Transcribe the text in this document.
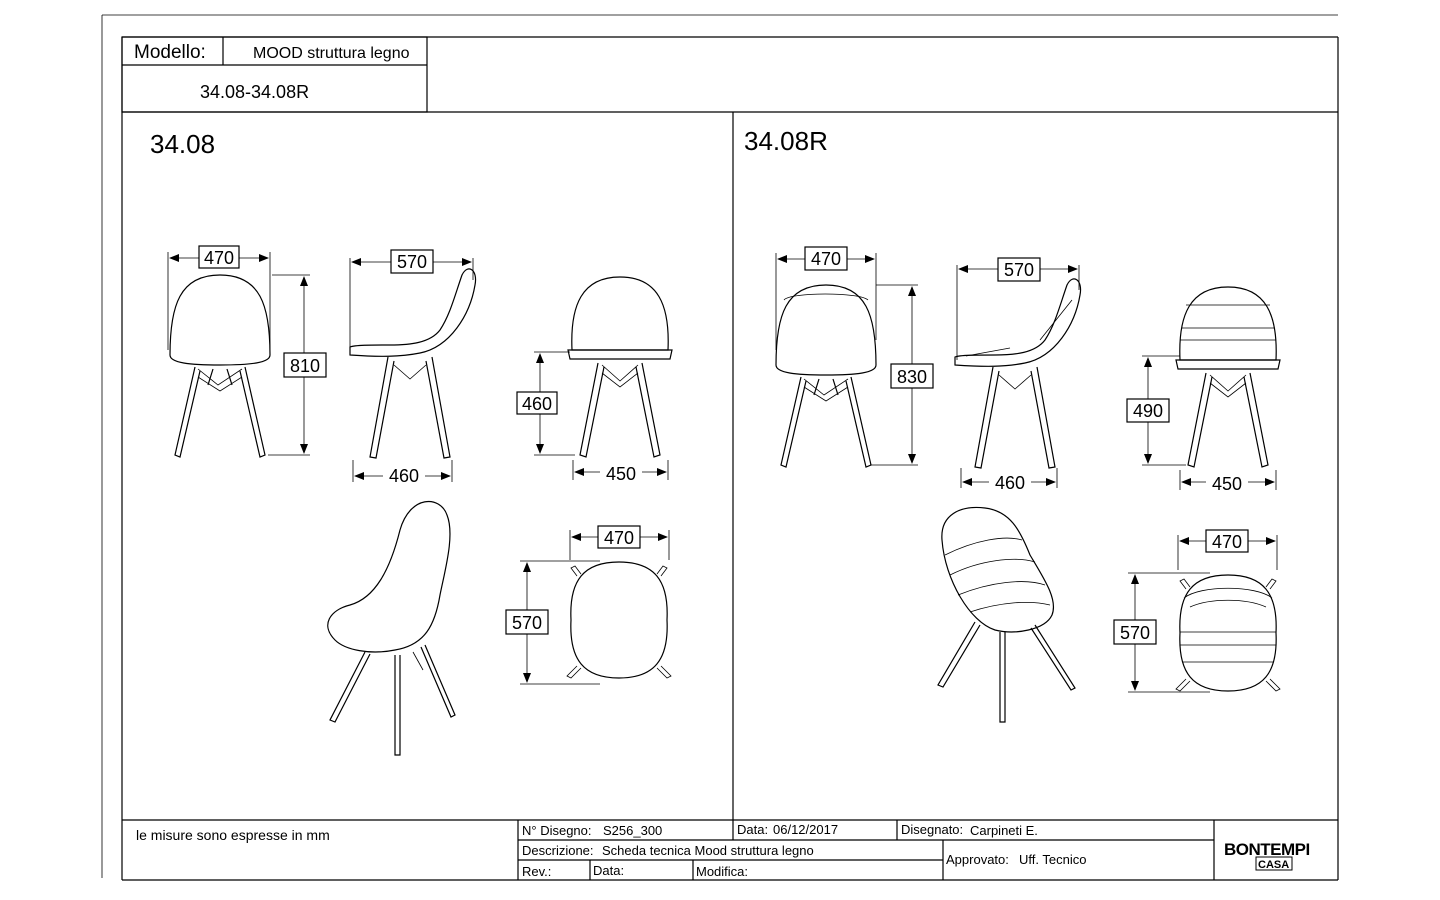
Modello:	MOOD struttura legno
34.08-34.08R
34.08
470
810
570
460
460
450
470
570
34.08R
470
830
570
460
490
450
470
570
le misure sono espresse in mm	N° Disegno: S256_300	Data: 06/12/2017	Disegnato: Carpineti E.
Descrizione: Scheda tecnica Mood struttura legno
Approvato: Uff. Tecnico
Rev.:	Data:	Modifica:
BONTEMPI
CASA
